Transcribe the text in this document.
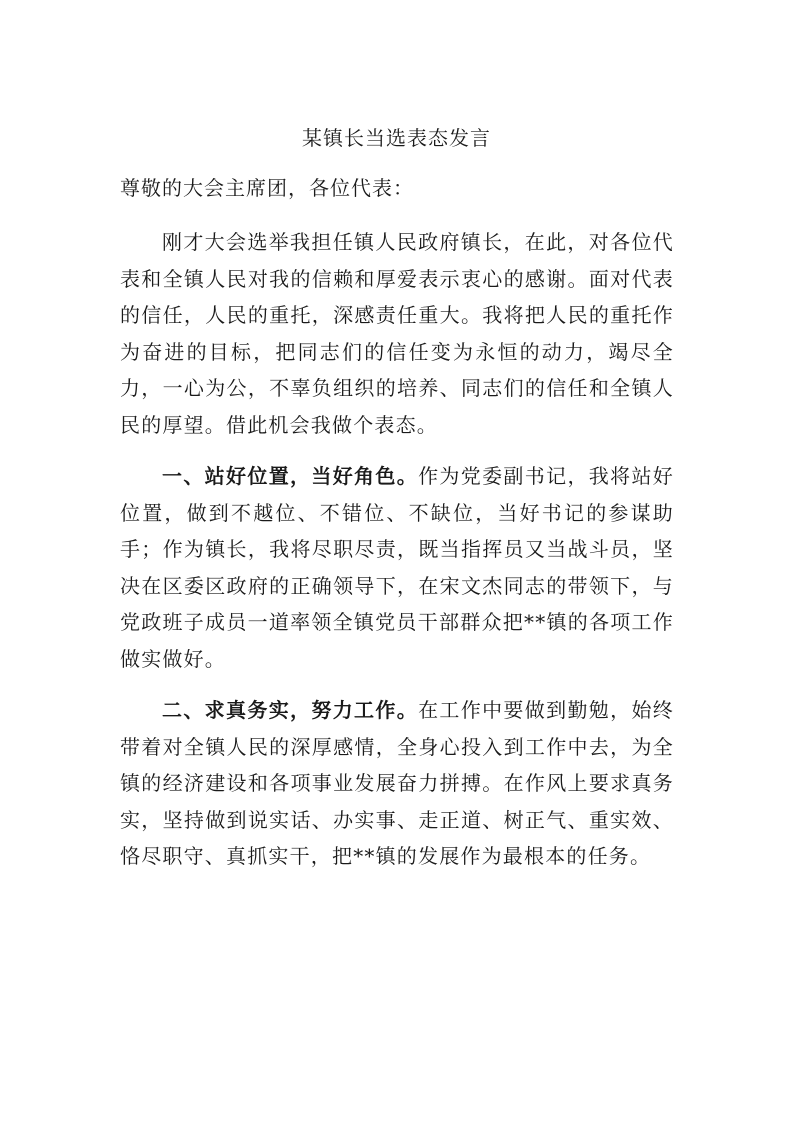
某镇长当选表态发言
尊敬的大会主席团，各位代表：

刚才大会选举我担任镇人民政府镇长，在此，对各位代表和全镇人民对我的信赖和厚爱表示衷心的感谢。面对代表的信任，人民的重托，深感责任重大。我将把人民的重托作为奋进的目标，把同志们的信任变为永恒的动力，竭尽全力，一心为公，不辜负组织的培养、同志们的信任和全镇人民的厚望。借此机会我做个表态。

一、站好位置，当好角色。作为党委副书记，我将站好位置，做到不越位、不错位、不缺位，当好书记的参谋助手；作为镇长，我将尽职尽责，既当指挥员又当战斗员，坚决在区委区政府的正确领导下，在宋文杰同志的带领下，与党政班子成员一道率领全镇党员干部群众把**镇的各项工作做实做好。

二、求真务实，努力工作。在工作中要做到勤勉，始终带着对全镇人民的深厚感情，全身心投入到工作中去，为全镇的经济建设和各项事业发展奋力拼搏。在作风上要求真务实，坚持做到说实话、办实事、走正道、树正气、重实效、恪尽职守、真抓实干，把**镇的发展作为最根本的任务。
